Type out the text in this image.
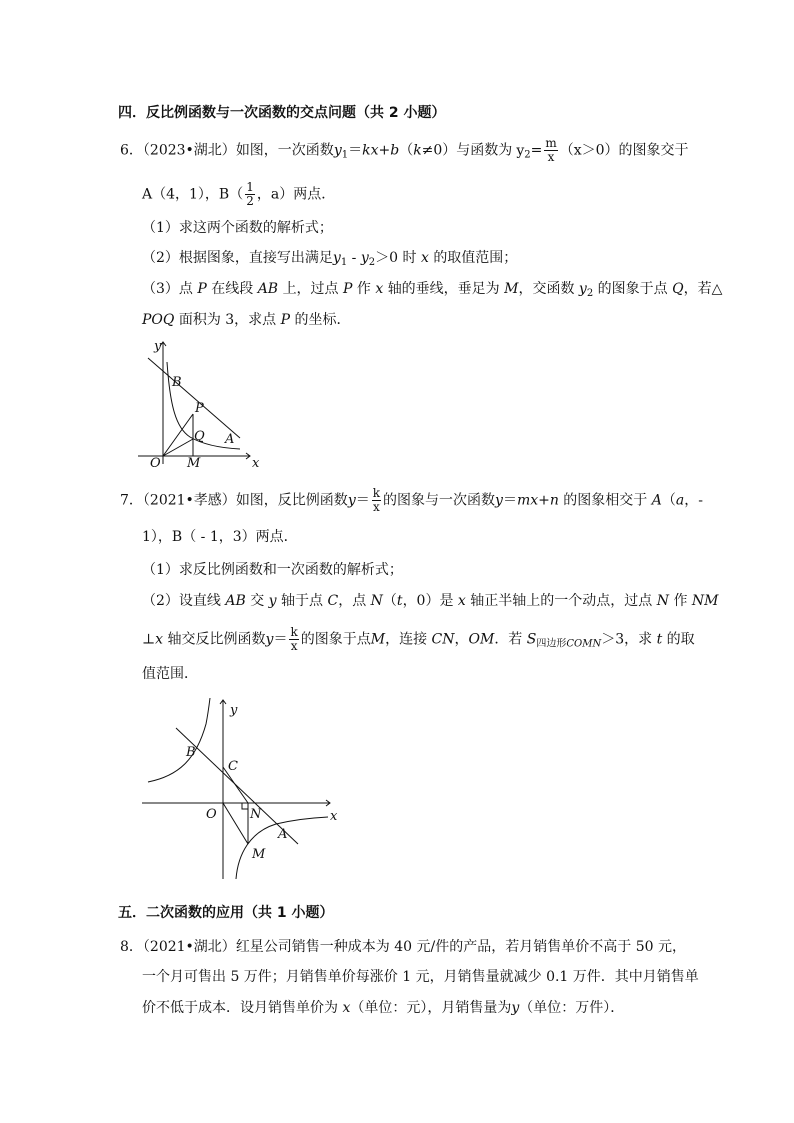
四．反比例函数与一次函数的交点问题（共 2 小题）
6．（2023•湖北）如图，一次函数$y_1=kx+b(k\ne 0)$与函数为 $y_2= \frac{m}{x} (x>0)$的图象交于
A（4，1），$B( \frac{1}{2}$ ，a）两点．
（1）求这两个函数的解析式；
（2）根据图象，直接写出满足$y_1 - y_2>0$ 时 x 的取值范围；
（3）点 P 在线段 AB 上，过点 P 作 x 轴的垂线，垂足为 M，交函数 $y_2$ 的图象于点 Q，若△
POQ 面积为 3，求点 P 的坐标．
y
x
O M
B
P
Q A
7．（2021•孝感）如图，反比例函数$y= \frac{k}{x}$ 的图象与一次函数y＝mx+n 的图象相交于 A（a，-
1），B（ - 1，3）两点．
（1）求反比例函数和一次函数的解析式；
（2）设直线 AB 交 y 轴于点 C，点 N（t，0）是 x 轴正半轴上的一个动点，过点 N 作 NM
⊥x 轴交反比例函数$y= \frac{k}{x}$ 的图象于点M，连接 CN，OM．若 $S_{四边形COMN}>3$，求 t 的取
值范围．
y
x
O
B
C
N
A
M
五．二次函数的应用（共 1 小题）
8．（2021•湖北）红星公司销售一种成本为 40 元/件的产品，若月销售单价不高于 50 元，
一个月可售出 5 万件；月销售单价每涨价 1 元，月销售量就减少 0.1 万件．其中月销售单
价不低于成本．设月销售单价为 x（单位：元），月销售量为y（单位：万件）．
